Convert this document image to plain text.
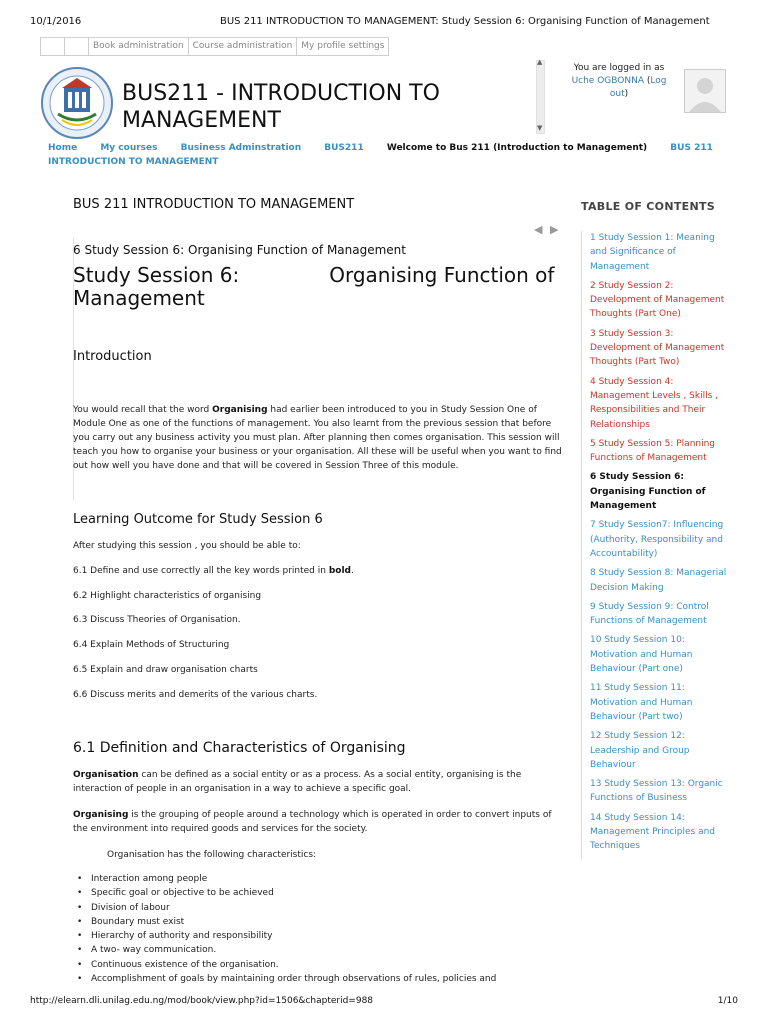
10/1/2016	BUS 211 INTRODUCTION TO MANAGEMENT: Study Session 6: Organising Function of Management
Book administration	Course administration	My profile settings
BUS211 - INTRODUCTION TO MANAGEMENT
▲
▼
You are logged in as
Uche OGBONNA (Log out)
Home	My courses	Business Adminstration	BUS211	Welcome to Bus 211 (Introduction to Management)	BUS 211 INTRODUCTION TO MANAGEMENT
BUS 211 INTRODUCTION TO MANAGEMENT
◀ ▶
6 Study Session 6: Organising Function of Management
Study Session 6:	Organising Function of
Management
Introduction
You would recall that the word Organising had earlier been introduced to you in Study Session One of Module One as one of the functions of management. You also learnt from the previous session that before you carry out any business activity you must plan. After planning then comes organisation. This session will teach you how to organise your business or your organisation. All these will be useful when you want to find out how well you have done and that will be covered in Session Three of this module.
Learning Outcome for Study Session 6
After studying this session , you should be able to:
6.1 Define and use correctly all the key words printed in bold.
6.2 Highlight characteristics of organising
6.3 Discuss Theories of Organisation.
6.4 Explain Methods of Structuring
6.5 Explain and draw organisation charts
6.6 Discuss merits and demerits of the various charts.
6.1 Definition and Characteristics of Organising
Organisation can be defined as a social entity or as a process. As a social entity, organising is the interaction of people in an organisation in a way to achieve a specific goal.
Organising is the grouping of people around a technology which is operated in order to convert inputs of the environment into required goods and services for the society.
Organisation has the following characteristics:
• Interaction among people
• Specific goal or objective to be achieved
• Division of labour
• Boundary must exist
• Hierarchy of authority and responsibility
• A two- way communication.
• Continuous existence of the organisation.
• Accomplishment of goals by maintaining order through observations of rules, policies and
TABLE OF CONTENTS
1 Study Session 1: Meaning and Significance of Management
2 Study Session 2: Development of Management Thoughts (Part One)
3 Study Session 3: Development of Management Thoughts (Part Two)
4 Study Session 4: Management Levels , Skills , Responsibilities and Their Relationships
5 Study Session 5: Planning Functions of Management
6 Study Session 6: Organising Function of Management
7 Study Session7: Influencing (Authority, Responsibility and Accountability)
8 Study Session 8: Managerial Decision Making
9 Study Session 9: Control Functions of Management
10 Study Session 10: Motivation and Human Behaviour (Part one)
11 Study Session 11: Motivation and Human Behaviour (Part two)
12 Study Session 12: Leadership and Group Behaviour
13 Study Session 13: Organic Functions of Business
14 Study Session 14: Management Principles and Techniques
http://elearn.dli.unilag.edu.ng/mod/book/view.php?id=1506&chapterid=988	1/10
